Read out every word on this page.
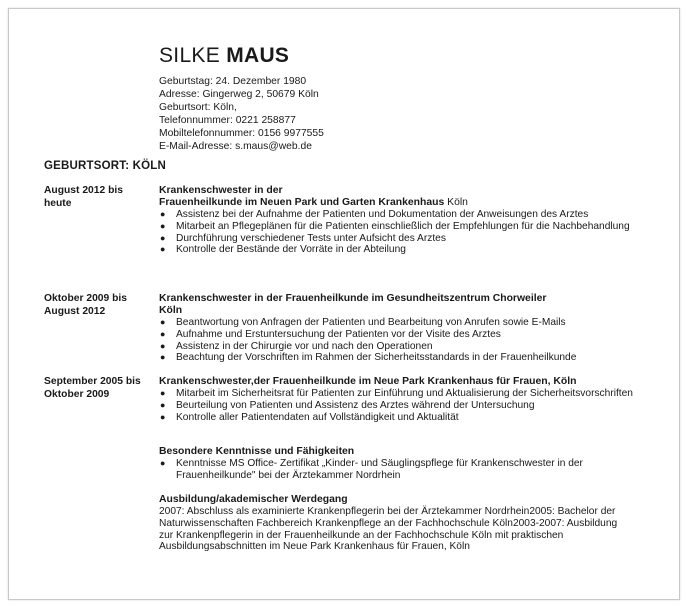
SILKE MAUS
Geburtstag: 24. Dezember 1980
Adresse: Gingerweg 2, 50679 Köln
Geburtsort: Köln,
Telefonnummer: 0221 258877
Mobiltelefonnummer: 0156 9977555
E-Mail-Adresse: s.maus@web.de
GEBURTSORT: KÖLN
August 2012 bis
heute
Krankenschwester in der
Frauenheilkunde im Neuen Park und Garten Krankenhaus Köln
● Assistenz bei der Aufnahme der Patienten und Dokumentation der Anweisungen des Arztes
● Mitarbeit an Pflegeplänen für die Patienten einschließlich der Empfehlungen für die Nachbehandlung
● Durchführung verschiedener Tests unter Aufsicht des Arztes
● Kontrolle der Bestände der Vorräte in der Abteilung
Oktober 2009 bis
August 2012
Krankenschwester in der Frauenheilkunde im Gesundheitszentrum Chorweiler
Köln
● Beantwortung von Anfragen der Patienten und Bearbeitung von Anrufen sowie E-Mails
● Aufnahme und Erstuntersuchung der Patienten vor der Visite des Arztes
● Assistenz in der Chirurgie vor und nach den Operationen
● Beachtung der Vorschriften im Rahmen der Sicherheitsstandards in der Frauenheilkunde
September 2005 bis
Oktober 2009
Krankenschwester,der Frauenheilkunde im Neue Park Krankenhaus für Frauen, Köln
● Mitarbeit im Sicherheitsrat für Patienten zur Einführung und Aktualisierung der Sicherheitsvorschriften
● Beurteilung von Patienten und Assistenz des Arztes während der Untersuchung
● Kontrolle aller Patientendaten auf Vollständigkeit und Aktualität
Besondere Kenntnisse und Fähigkeiten
● Kenntnisse MS Office- Zertifikat „Kinder- und Säuglingspflege für Krankenschwester in der Frauenheilkunde" bei der Ärztekammer Nordrhein
Ausbildung/akademischer Werdegang
2007: Abschluss als examinierte Krankenpflegerin bei der Ärztekammer Nordrhein2005: Bachelor der Naturwissenschaften Fachbereich Krankenpflege an der Fachhochschule Köln2003-2007: Ausbildung zur Krankenpflegerin in der Frauenheilkunde an der Fachhochschule Köln mit praktischen Ausbildungsabschnitten im Neue Park Krankenhaus für Frauen, Köln
